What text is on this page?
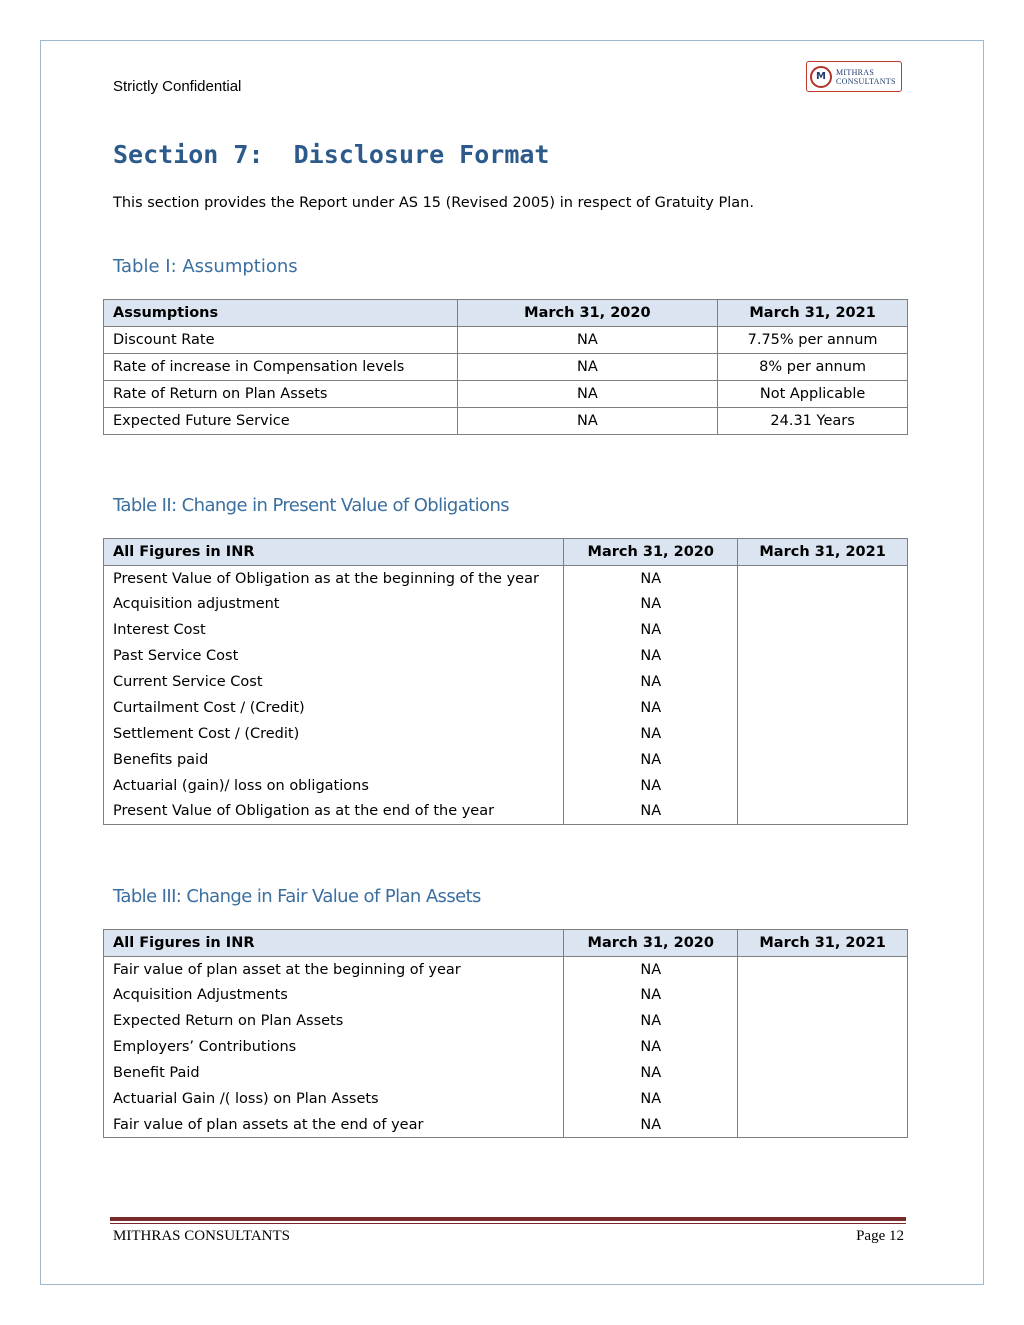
Strictly Confidential
M	MITHRAS
CONSULTANTS
Section 7:  Disclosure Format
This section provides the Report under AS 15 (Revised 2005) in respect of Gratuity Plan.
Table I: Assumptions
Assumptions	March 31, 2020	March 31, 2021
Discount Rate	NA	7.75% per annum
Rate of increase in Compensation levels	NA	8% per annum
Rate of Return on Plan Assets	NA	Not Applicable
Expected Future Service	NA	24.31 Years
Table II: Change in Present Value of Obligations
All Figures in INR	March 31, 2020	March 31, 2021
Present Value of Obligation as at the beginning of the year	NA	
Acquisition adjustment	NA	
Interest Cost	NA	
Past Service Cost	NA	
Current Service Cost	NA	
Curtailment Cost / (Credit)	NA	
Settlement Cost / (Credit)	NA	
Benefits paid	NA	
Actuarial (gain)/ loss on obligations	NA	
Present Value of Obligation as at the end of the year	NA	
Table III: Change in Fair Value of Plan Assets
All Figures in INR	March 31, 2020	March 31, 2021
Fair value of plan asset at the beginning of year	NA	
Acquisition Adjustments	NA	
Expected Return on Plan Assets	NA	
Employers’ Contributions	NA	
Benefit Paid	NA	
Actuarial Gain /( loss) on Plan Assets	NA	
Fair value of plan assets at the end of year	NA	
MITHRAS CONSULTANTS	Page 12
